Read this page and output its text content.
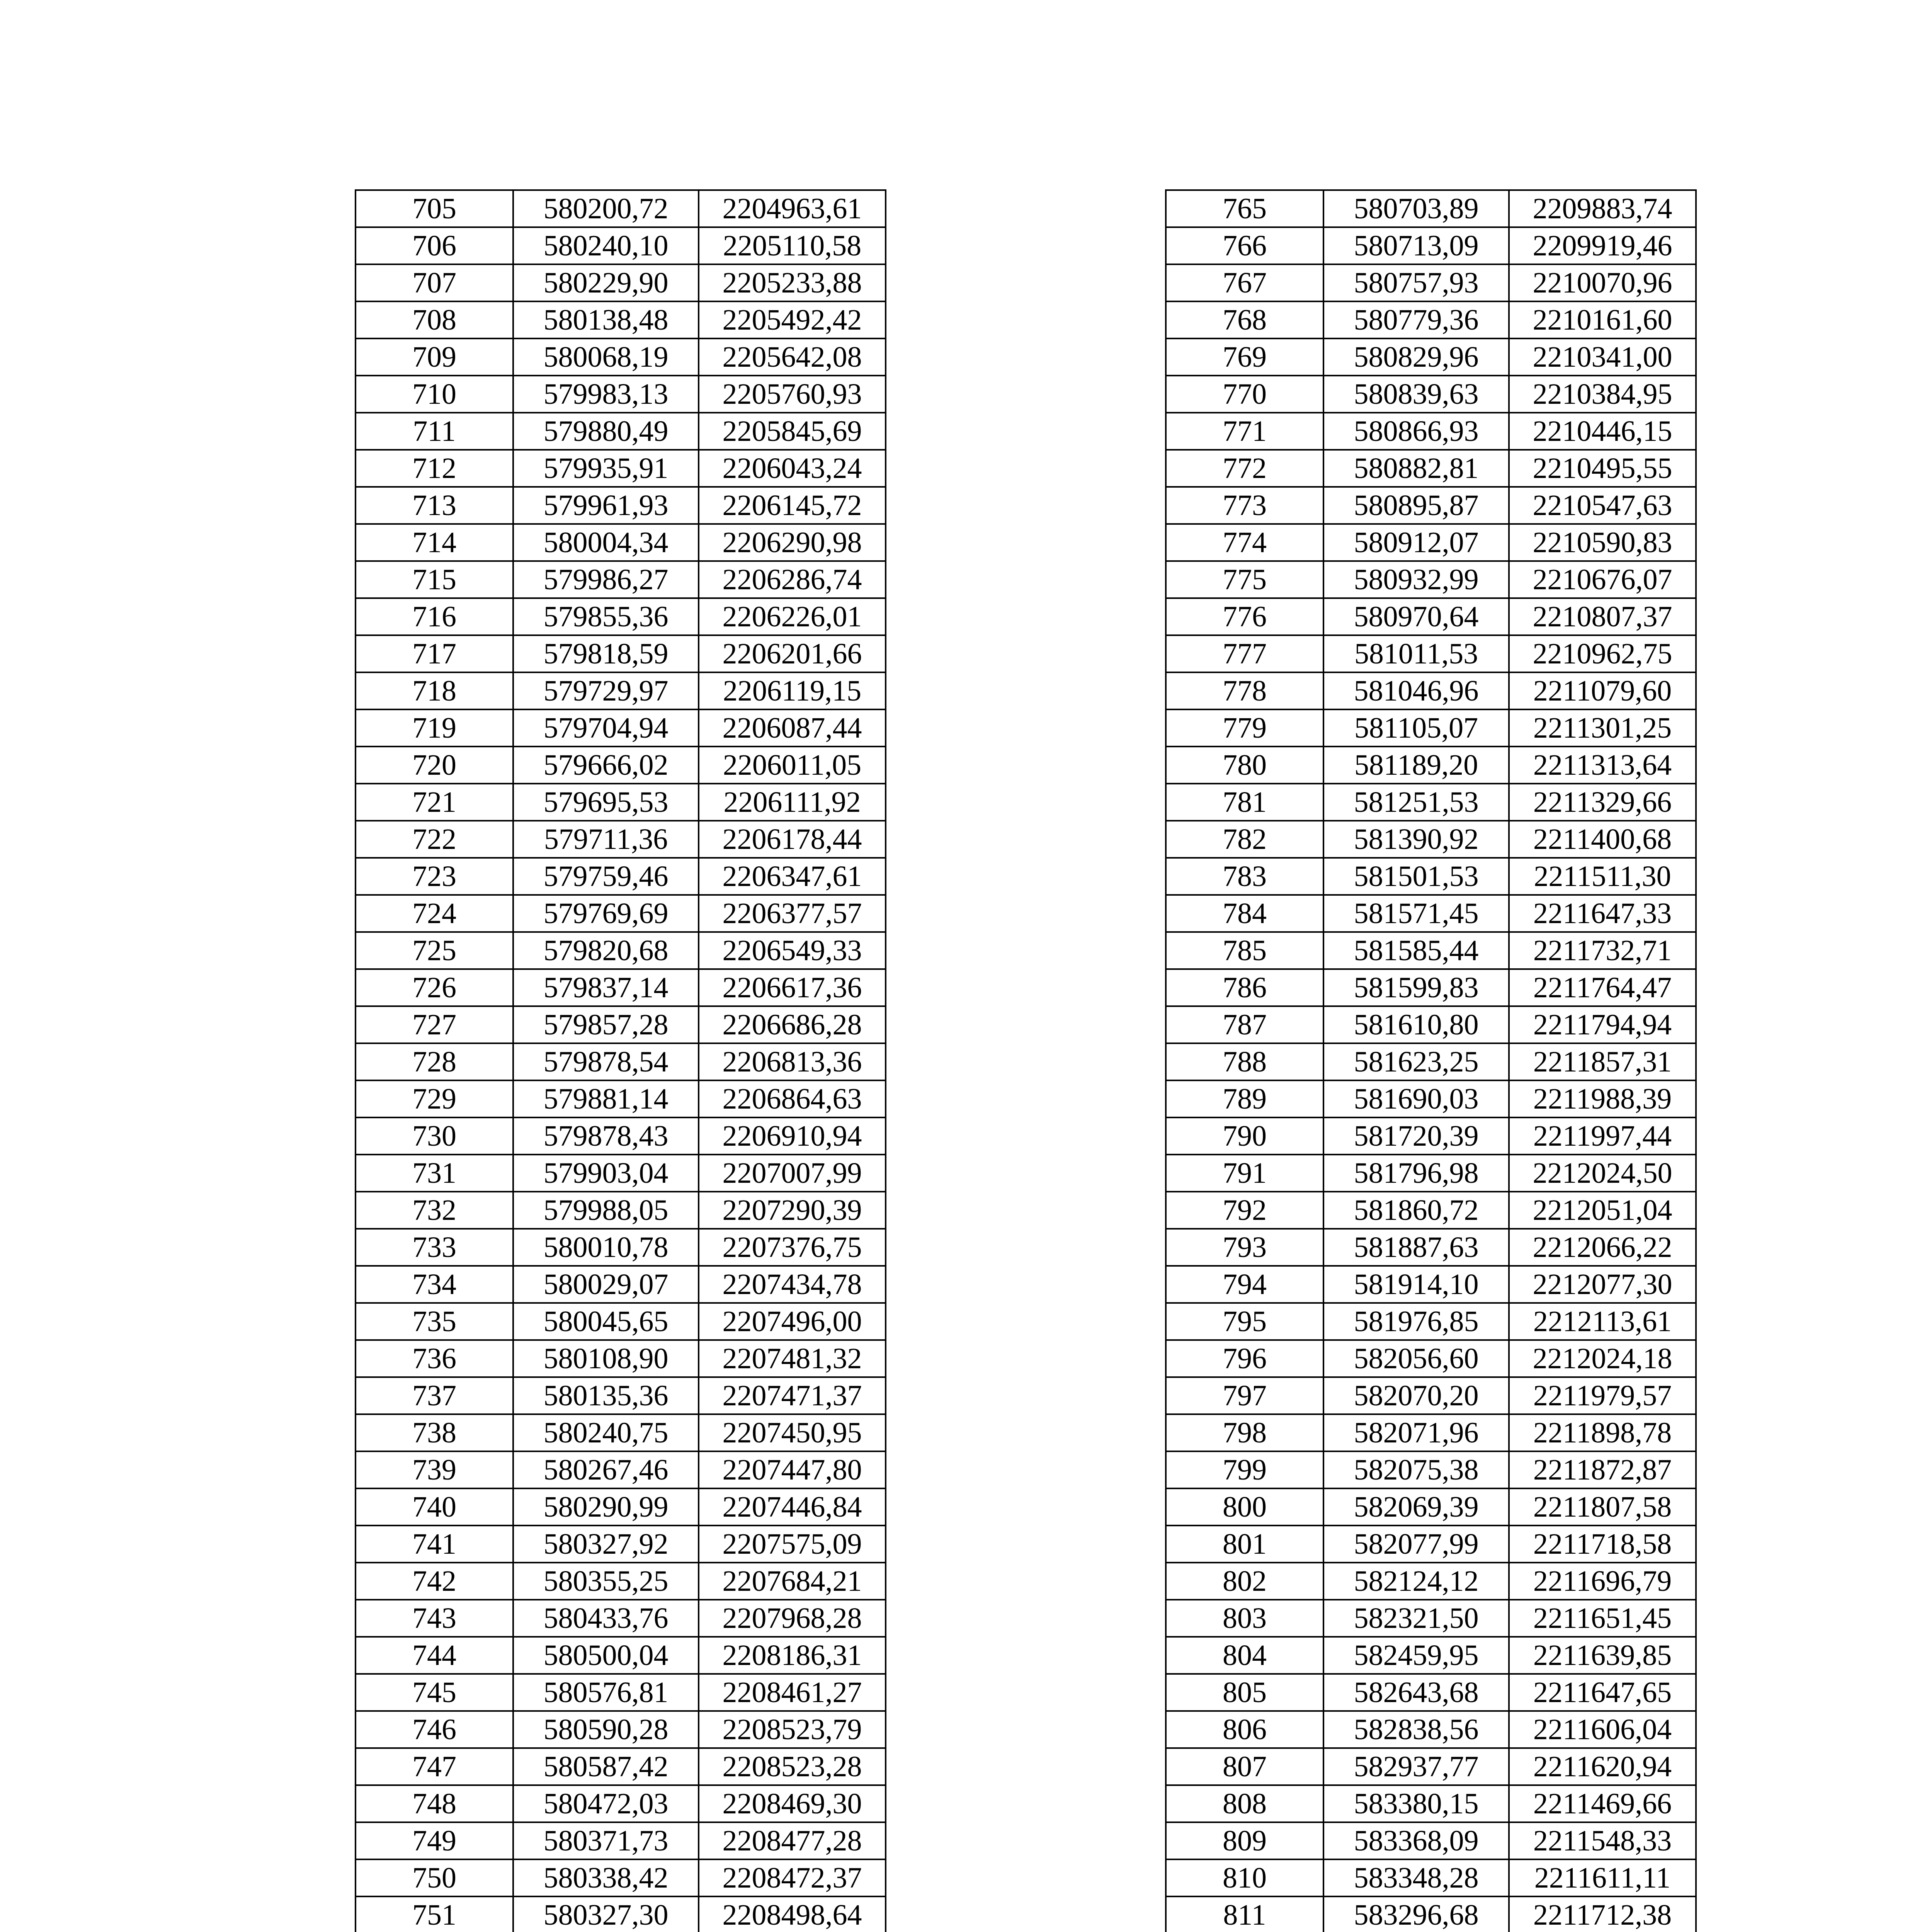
705	580200,72	2204963,61
706	580240,10	2205110,58
707	580229,90	2205233,88
708	580138,48	2205492,42
709	580068,19	2205642,08
710	579983,13	2205760,93
711	579880,49	2205845,69
712	579935,91	2206043,24
713	579961,93	2206145,72
714	580004,34	2206290,98
715	579986,27	2206286,74
716	579855,36	2206226,01
717	579818,59	2206201,66
718	579729,97	2206119,15
719	579704,94	2206087,44
720	579666,02	2206011,05
721	579695,53	2206111,92
722	579711,36	2206178,44
723	579759,46	2206347,61
724	579769,69	2206377,57
725	579820,68	2206549,33
726	579837,14	2206617,36
727	579857,28	2206686,28
728	579878,54	2206813,36
729	579881,14	2206864,63
730	579878,43	2206910,94
731	579903,04	2207007,99
732	579988,05	2207290,39
733	580010,78	2207376,75
734	580029,07	2207434,78
735	580045,65	2207496,00
736	580108,90	2207481,32
737	580135,36	2207471,37
738	580240,75	2207450,95
739	580267,46	2207447,80
740	580290,99	2207446,84
741	580327,92	2207575,09
742	580355,25	2207684,21
743	580433,76	2207968,28
744	580500,04	2208186,31
745	580576,81	2208461,27
746	580590,28	2208523,79
747	580587,42	2208523,28
748	580472,03	2208469,30
749	580371,73	2208477,28
750	580338,42	2208472,37
751	580327,30	2208498,64

765	580703,89	2209883,74
766	580713,09	2209919,46
767	580757,93	2210070,96
768	580779,36	2210161,60
769	580829,96	2210341,00
770	580839,63	2210384,95
771	580866,93	2210446,15
772	580882,81	2210495,55
773	580895,87	2210547,63
774	580912,07	2210590,83
775	580932,99	2210676,07
776	580970,64	2210807,37
777	581011,53	2210962,75
778	581046,96	2211079,60
779	581105,07	2211301,25
780	581189,20	2211313,64
781	581251,53	2211329,66
782	581390,92	2211400,68
783	581501,53	2211511,30
784	581571,45	2211647,33
785	581585,44	2211732,71
786	581599,83	2211764,47
787	581610,80	2211794,94
788	581623,25	2211857,31
789	581690,03	2211988,39
790	581720,39	2211997,44
791	581796,98	2212024,50
792	581860,72	2212051,04
793	581887,63	2212066,22
794	581914,10	2212077,30
795	581976,85	2212113,61
796	582056,60	2212024,18
797	582070,20	2211979,57
798	582071,96	2211898,78
799	582075,38	2211872,87
800	582069,39	2211807,58
801	582077,99	2211718,58
802	582124,12	2211696,79
803	582321,50	2211651,45
804	582459,95	2211639,85
805	582643,68	2211647,65
806	582838,56	2211606,04
807	582937,77	2211620,94
808	583380,15	2211469,66
809	583368,09	2211548,33
810	583348,28	2211611,11
811	583296,68	2211712,38
